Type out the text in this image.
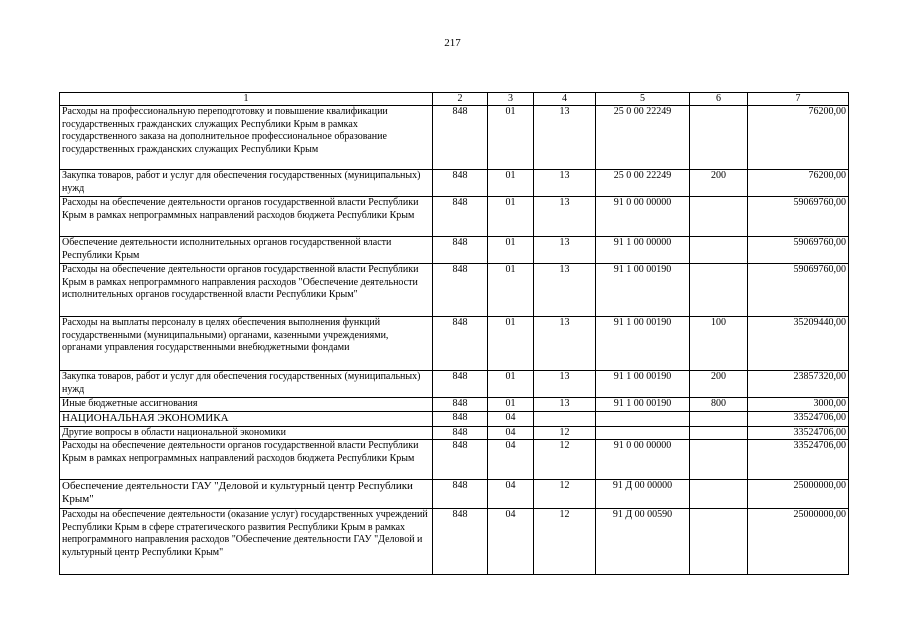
217
1	2	3	4	5	6	7
Расходы на профессиональную переподготовку и повышение квалификации государственных гражданских служащих Республики Крым в рамках государственного заказа на дополнительное профессиональное образование государственных гражданских служащих Республики Крым	848	01	13	25 0 00 22249		76200,00
Закупка товаров, работ и услуг для обеспечения государственных (муниципальных) нужд	848	01	13	25 0 00 22249	200	76200,00
Расходы на обеспечение деятельности органов государственной власти Республики Крым в рамках непрограммных направлений расходов бюджета Республики Крым	848	01	13	91 0 00 00000		59069760,00
Обеспечение деятельности исполнительных органов государственной власти Республики Крым	848	01	13	91 1 00 00000		59069760,00
Расходы на обеспечение деятельности органов государственной власти Республики Крым в рамках непрограммного направления расходов "Обеспечение деятельности исполнительных органов государственной власти Республики Крым"	848	01	13	91 1 00 00190		59069760,00
Расходы на выплаты персоналу в целях обеспечения выполнения функций государственными (муниципальными) органами, казенными учреждениями, органами управления государственными внебюджетными фондами	848	01	13	91 1 00 00190	100	35209440,00
Закупка товаров, работ и услуг для обеспечения государственных (муниципальных) нужд	848	01	13	91 1 00 00190	200	23857320,00
Иные бюджетные ассигнования	848	01	13	91 1 00 00190	800	3000,00
НАЦИОНАЛЬНАЯ ЭКОНОМИКА	848	04				33524706,00
Другие вопросы в области национальной экономики	848	04	12			33524706,00
Расходы на обеспечение деятельности органов государственной власти Республики Крым в рамках непрограммных направлений расходов бюджета Республики Крым	848	04	12	91 0 00 00000		33524706,00
Обеспечение деятельности ГАУ "Деловой и культурный центр Республики Крым"	848	04	12	91 Д 00 00000		25000000,00
Расходы на обеспечение деятельности (оказание услуг) государственных учреждений Республики Крым в сфере стратегического развития Республики Крым в рамках непрограммного направления расходов "Обеспечение деятельности ГАУ "Деловой и культурный центр Республики Крым"	848	04	12	91 Д 00 00590		25000000,00
